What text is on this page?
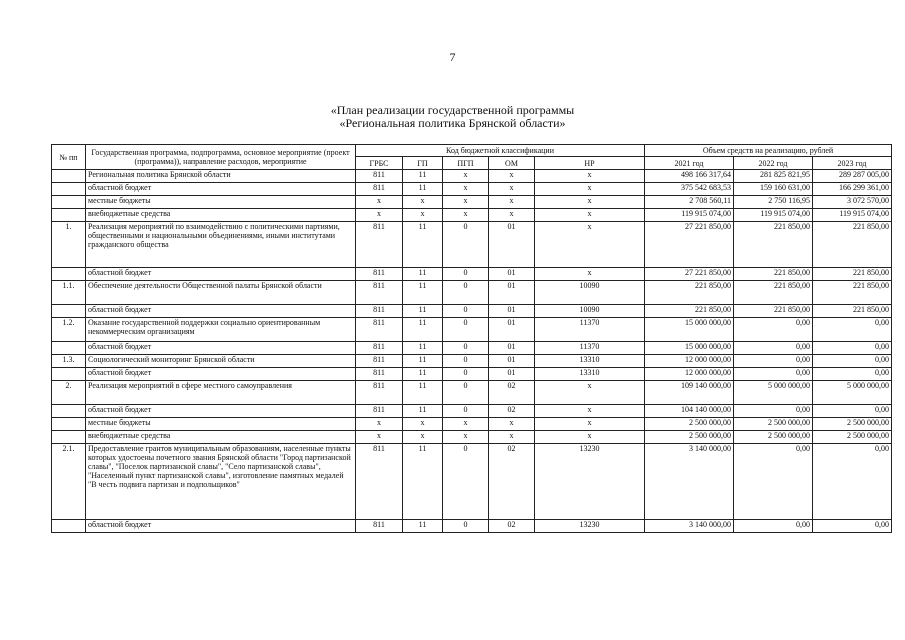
7
«План реализации государственной программы
«Региональная политика Брянской области»
№ пп	Государственная программа, подпрограмма, основное мероприятие (проект (программа)), направление расходов, мероприятие	Код бюджетной классификации					Объем средств на реализацию, рублей		
		ГРБС	ГП	ПГП	ОМ	НР	2021 год	2022 год	2023 год
	Региональная политика Брянской области	811	11	x	x	x	498 166 317,64	281 825 821,95	289 287 005,00
	областной бюджет	811	11	x	x	x	375 542 683,53	159 160 631,00	166 299 361,00
	местные бюджеты	x	x	x	x	x	2 708 560,11	2 750 116,95	3 072 570,00
	внебюджетные средства	x	x	x	x	x	119 915 074,00	119 915 074,00	119 915 074,00
1.	Реализация мероприятий по взаимодействию с политическими партиями, общественными и национальными объединениями, иными институтами гражданского общества	811	11	0	01	x	27 221 850,00	221 850,00	221 850,00
	областной бюджет	811	11	0	01	x	27 221 850,00	221 850,00	221 850,00
1.1.	Обеспечение деятельности Общественной палаты Брянской области	811	11	0	01	10090	221 850,00	221 850,00	221 850,00
	областной бюджет	811	11	0	01	10090	221 850,00	221 850,00	221 850,00
1.2.	Оказание государственной поддержки социально ориентированным некоммерческим организациям	811	11	0	01	11370	15 000 000,00	0,00	0,00
	областной бюджет	811	11	0	01	11370	15 000 000,00	0,00	0,00
1.3.	Социологический мониторинг Брянской области	811	11	0	01	13310	12 000 000,00	0,00	0,00
	областной бюджет	811	11	0	01	13310	12 000 000,00	0,00	0,00
2.	Реализация мероприятий в сфере местного самоуправления	811	11	0	02	x	109 140 000,00	5 000 000,00	5 000 000,00
	областной бюджет	811	11	0	02	x	104 140 000,00	0,00	0,00
	местные бюджеты	x	x	x	x	x	2 500 000,00	2 500 000,00	2 500 000,00
	внебюджетные средства	x	x	x	x	x	2 500 000,00	2 500 000,00	2 500 000,00
2.1.	Предоставление грантов муниципальным образованиям, населенные пункты которых удостоены почетного звания Брянской области "Город партизанской славы", "Поселок партизанской славы", "Село партизанской славы", "Населенный пункт партизанской славы", изготовление памятных медалей "В честь подвига партизан и подпольщиков"	811	11	0	02	13230	3 140 000,00	0,00	0,00
	областной бюджет	811	11	0	02	13230	3 140 000,00	0,00	0,00
